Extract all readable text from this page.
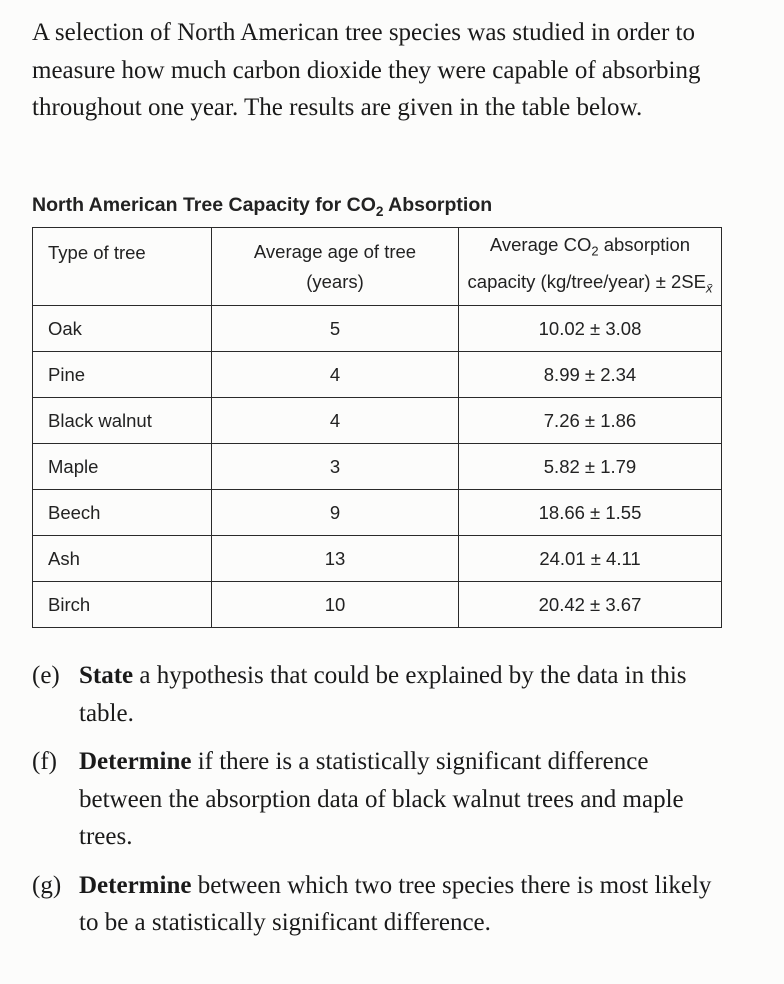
A selection of North American tree species was studied in order to measure how much carbon dioxide they were capable of absorbing throughout one year. The results are given in the table below.

North American Tree Capacity for $CO_2$ Absorption

Type of tree	Average age of tree (years)	Average $CO_2$ absorption
capacity (kg/tree/year) ± $2SE_{x̄}$
Oak	5	10.02 ± 3.08
Pine	4	8.99 ± 2.34
Black walnut	4	7.26 ± 1.86
Maple	3	5.82 ± 1.79
Beech	9	18.66 ± 1.55
Ash	13	24.01 ± 4.11
Birch	10	20.42 ± 3.67

(e) State a hypothesis that could be explained by the data in this table.

(f) Determine if there is a statistically significant difference between the absorption data of black walnut trees and maple trees.

(g) Determine between which two tree species there is most likely to be a statistically significant difference.
